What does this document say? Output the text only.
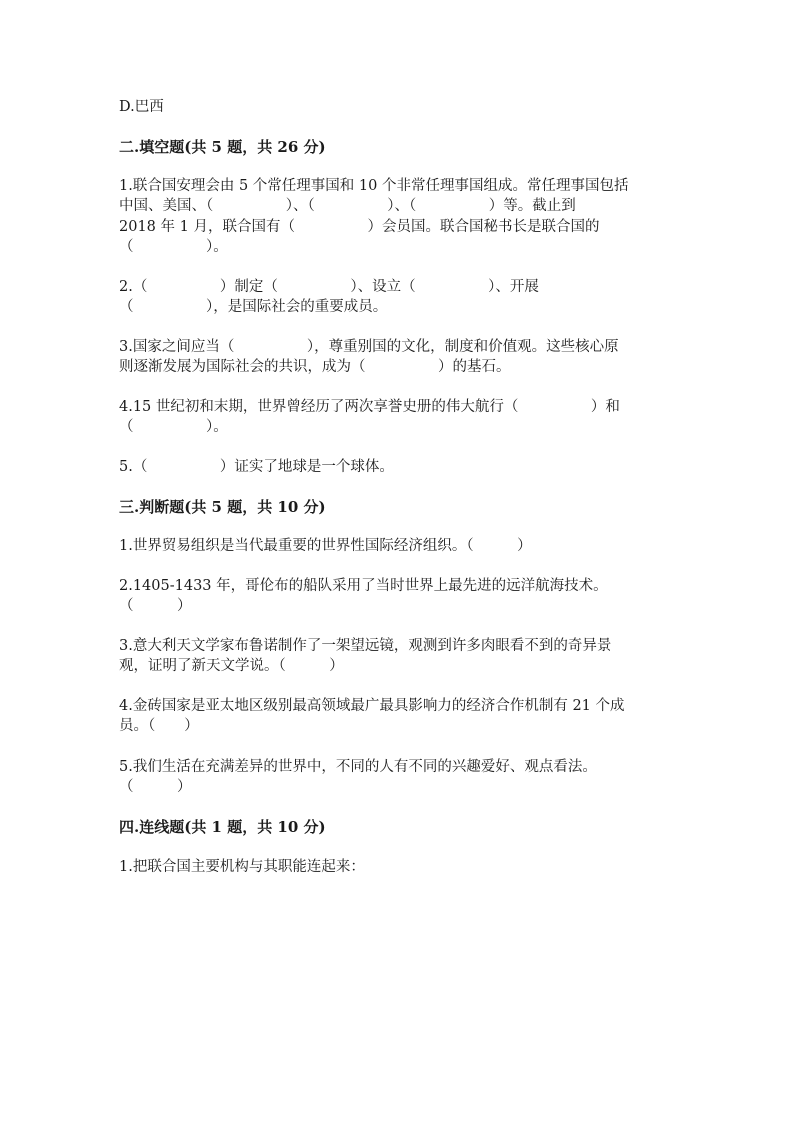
D.巴西
二.填空题(共 5 题，共 26 分)
1.联合国安理会由 5 个常任理事国和 10 个非常任理事国组成。常任理事国包括
中国、美国、（　　　　　）、（　　　　　）、（　　　　　）等。截止到
2018 年 1 月，联合国有（　　　　　）会员国。联合国秘书长是联合国的
（　　　　　）。
2.（　　　　　）制定（　　　　　）、设立（　　　　　）、开展
（　　　　　），是国际社会的重要成员。
3.国家之间应当（　　　　　），尊重别国的文化，制度和价值观。这些核心原
则逐渐发展为国际社会的共识，成为（　　　　　）的基石。
4.15 世纪初和末期，世界曾经历了两次享誉史册的伟大航行（　　　　　）和
（　　　　　）。
5.（　　　　　）证实了地球是一个球体。
三.判断题(共 5 题，共 10 分)
1.世界贸易组织是当代最重要的世界性国际经济组织。（　　　）
2.1405-1433 年，哥伦布的船队采用了当时世界上最先进的远洋航海技术。
（　　　）
3.意大利天文学家布鲁诺制作了一架望远镜，观测到许多肉眼看不到的奇异景
观，证明了新天文学说。（　　　）
4.金砖国家是亚太地区级别最高领域最广最具影响力的经济合作机制有 21 个成
员。（　　）
5.我们生活在充满差异的世界中，不同的人有不同的兴趣爱好、观点看法。
（　　　）
四.连线题(共 1 题，共 10 分)
1.把联合国主要机构与其职能连起来：
